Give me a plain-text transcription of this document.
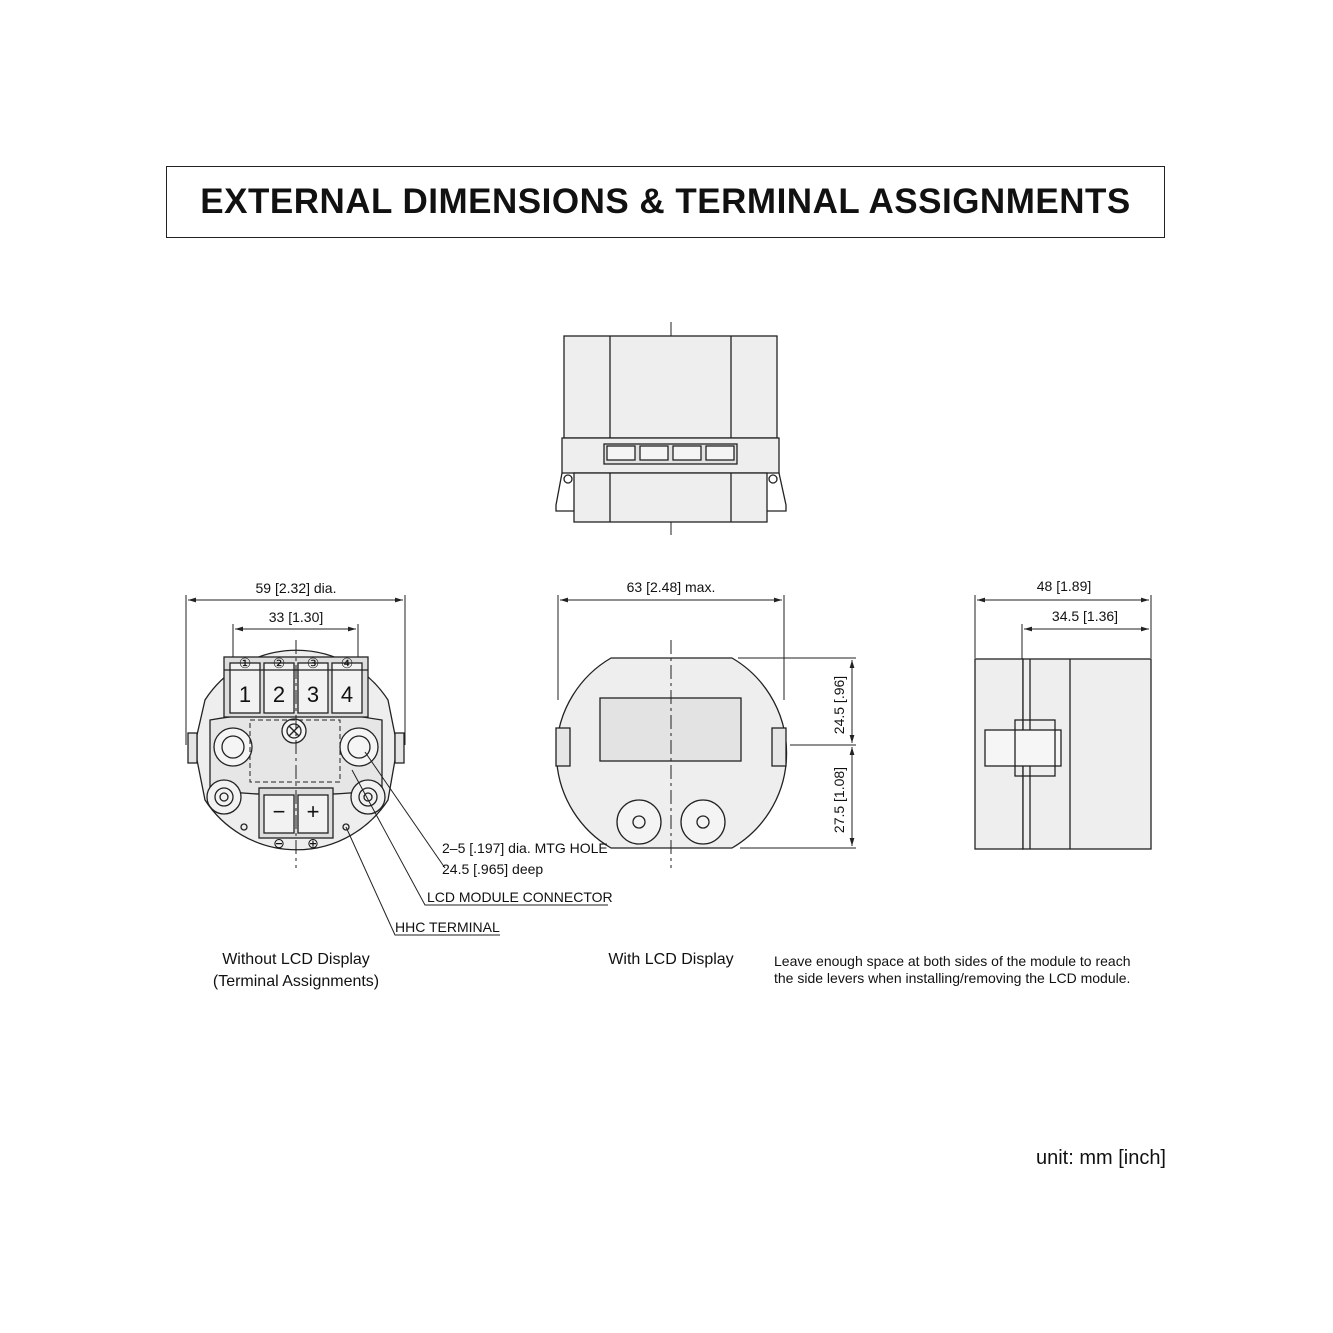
EXTERNAL DIMENSIONS & TERMINAL ASSIGNMENTS
59 [2.32] dia.
33 [1.30]
63 [2.48] max.
24.5 [.96]
27.5 [1.08]
48 [1.89]
34.5 [1.36]
① ② ③ ④
1 2 3 4
− +
⊖ ⊕	2–5 [.197] dia. MTG HOLE
24.5 [.965] deep
LCD MODULE CONNECTOR
HHC TERMINAL
Without LCD Display
(Terminal Assignments)
With LCD Display	Leave enough space at both sides of the module to reach
the side levers when installing/removing the LCD module.
unit: mm [inch]
